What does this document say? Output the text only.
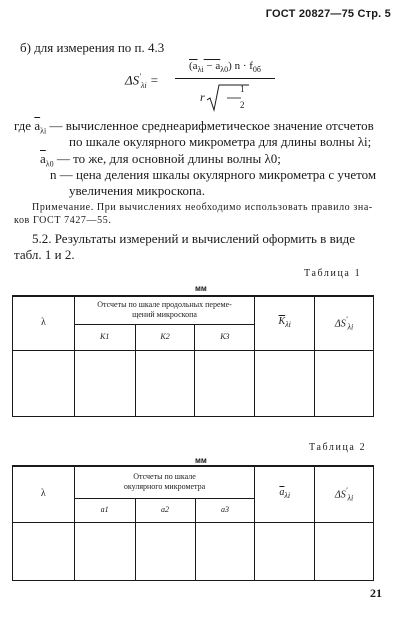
ГОСТ 20827—75 Стр. 5
б) для измерения по п. 4.3
$\Delta S'_{\lambda i}$ =
$(a_{\lambda i} - a_{\lambda 0}) n \cdot f_{0б}$
r
1
2
где $\overline{a}_{\lambda i}$ — вычисленное среднеарифметическое значение отсчетов
по шкале окулярного микрометра для длины волны λi;
$\overline{a}_{\lambda 0}$ — то же, для основной длины волны λ0;
n — цена деления шкалы окулярного микрометра с учетом
увеличения микроскопа.
Примечание. При вычислениях необходимо использовать правило зна-
ков ГОСТ 7427—55.
5.2. Результаты измерений и вычислений оформить в виде
табл. 1 и 2.
Таблица 1
мм
λ	Отсчеты по шкале продольных переме-щений микроскопа			$\overline{K}_{\lambda i}$	$\Delta S'_{\lambda i}$
	K1	K2	K3		

Таблица 2
мм
λ	Отсчеты по шкале окулярного микрометра			$\overline{a}_{\lambda i}$	$\Delta S'_{\lambda i}$
	a1	a2	a3		

21
